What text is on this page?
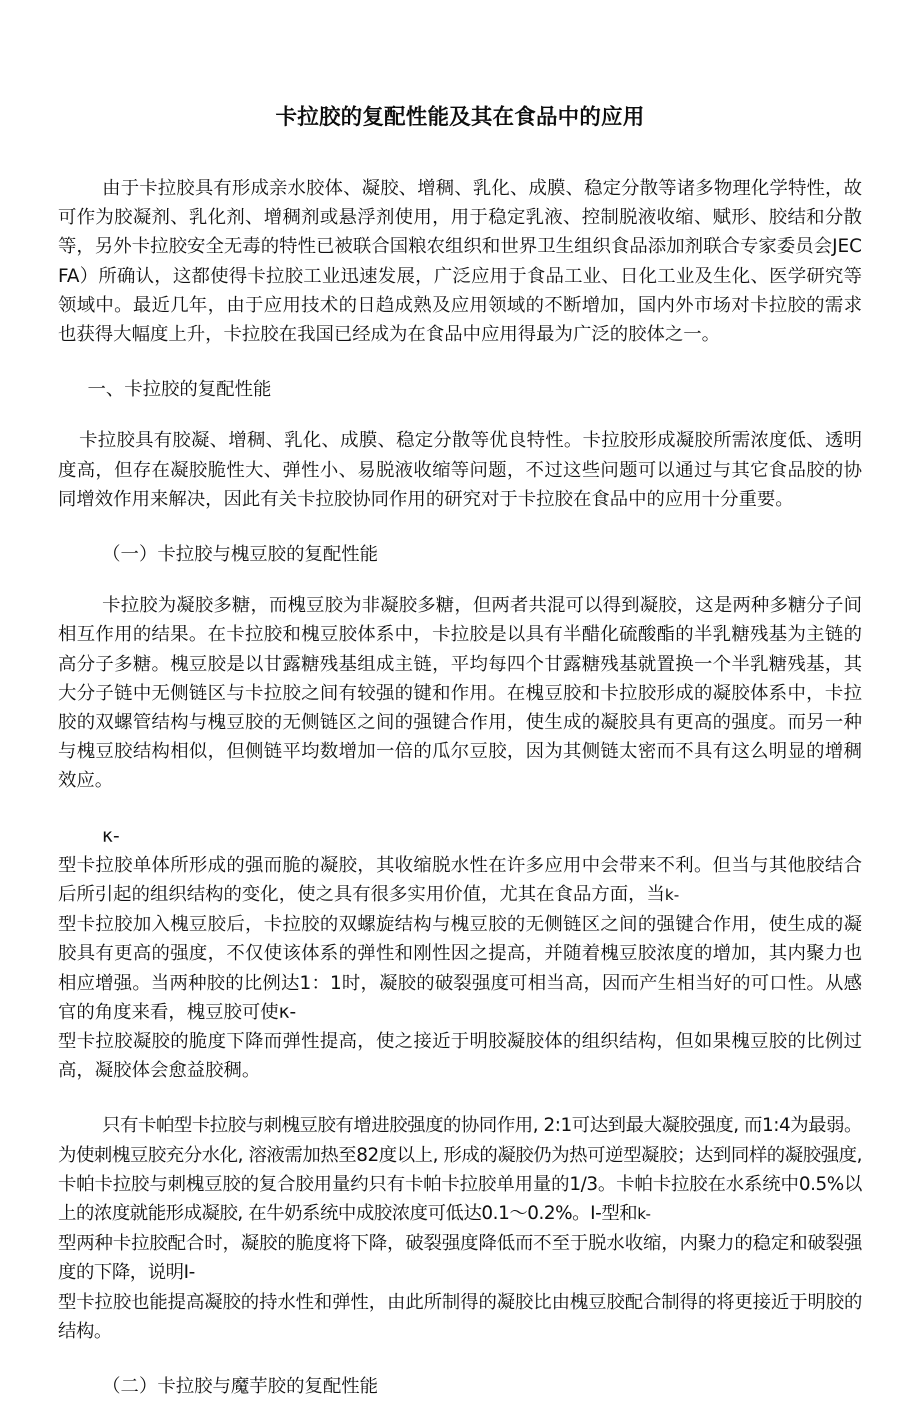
卡拉胶的复配性能及其在食品中的应用

由于卡拉胶具有形成亲水胶体、凝胶、增稠、乳化、成膜、稳定分散等诸多物理化学特性，故可作为胶凝剂、乳化剂、增稠剂或悬浮剂使用，用于稳定乳液、控制脱液收缩、赋形、胶结和分散等，另外卡拉胶安全无毒的特性已被联合国粮农组织和世界卫生组织食品添加剂联合专家委员会JECFA）所确认，这都使得卡拉胶工业迅速发展，广泛应用于食品工业、日化工业及生化、医学研究等领域中。最近几年，由于应用技术的日趋成熟及应用领域的不断增加，国内外市场对卡拉胶的需求也获得大幅度上升，卡拉胶在我国已经成为在食品中应用得最为广泛的胶体之一。

一、卡拉胶的复配性能

卡拉胶具有胶凝、增稠、乳化、成膜、稳定分散等优良特性。卡拉胶形成凝胶所需浓度低、透明度高，但存在凝胶脆性大、弹性小、易脱液收缩等问题，不过这些问题可以通过与其它食品胶的协同增效作用来解决，因此有关卡拉胶协同作用的研究对于卡拉胶在食品中的应用十分重要。

（一）卡拉胶与槐豆胶的复配性能

卡拉胶为凝胶多糖，而槐豆胶为非凝胶多糖，但两者共混可以得到凝胶，这是两种多糖分子间相互作用的结果。在卡拉胶和槐豆胶体系中，卡拉胶是以具有半醋化硫酸酯的半乳糖残基为主链的高分子多糖。槐豆胶是以甘露糖残基组成主链，平均每四个甘露糖残基就置换一个半乳糖残基，其大分子链中无侧链区与卡拉胶之间有较强的键和作用。在槐豆胶和卡拉胶形成的凝胶体系中，卡拉胶的双螺管结构与槐豆胶的无侧链区之间的强键合作用，使生成的凝胶具有更高的强度。而另一种与槐豆胶结构相似，但侧链平均数增加一倍的瓜尔豆胶，因为其侧链太密而不具有这么明显的增稠效应。

κ-

型卡拉胶单体所形成的强而脆的凝胶，其收缩脱水性在许多应用中会带来不利。但当与其他胶结合后所引起的组织结构的变化，使之具有很多实用价值，尤其在食品方面，当k-
型卡拉胶加入槐豆胶后，卡拉胶的双螺旋结构与槐豆胶的无侧链区之间的强键合作用，使生成的凝胶具有更高的强度，不仅使该体系的弹性和刚性因之提高，并随着槐豆胶浓度的增加，其内聚力也相应增强。当两种胶的比例达1：1时，凝胶的破裂强度可相当高，因而产生相当好的可口性。从感官的角度来看，槐豆胶可使κ-
型卡拉胶凝胶的脆度下降而弹性提高，使之接近于明胶凝胶体的组织结构，但如果槐豆胶的比例过高，凝胶体会愈益胶稠。

只有卡帕型卡拉胶与刺槐豆胶有增进胶强度的协同作用, 2:1可达到最大凝胶强度, 而1:4为最弱。为使刺槐豆胶充分水化, 溶液需加热至82度以上, 形成的凝胶仍为热可逆型凝胶；达到同样的凝胶强度, 卡帕卡拉胶与刺槐豆胶的复合胶用量约只有卡帕卡拉胶单用量的1/3。卡帕卡拉胶在水系统中0.5%以上的浓度就能形成凝胶, 在牛奶系统中成胶浓度可低达0.1〜0.2%。I-型和k-
型两种卡拉胶配合时，凝胶的脆度将下降，破裂强度降低而不至于脱水收缩，内聚力的稳定和破裂强度的下降，说明I-
型卡拉胶也能提高凝胶的持水性和弹性，由此所制得的凝胶比由槐豆胶配合制得的将更接近于明胶的结构。

（二）卡拉胶与魔芋胶的复配性能
